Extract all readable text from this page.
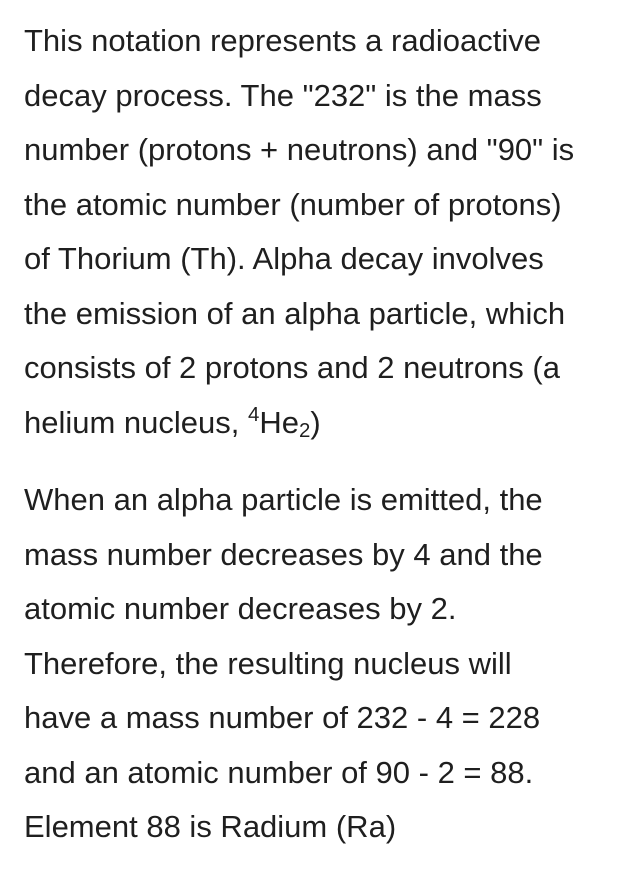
This notation represents a radioactive
decay process. The "232" is the mass
number (protons + neutrons) and "90" is
the atomic number (number of protons)
of Thorium (Th). Alpha decay involves
the emission of an alpha particle, which
consists of 2 protons and 2 neutrons (a
helium nucleus, $^4He_2$)

When an alpha particle is emitted, the
mass number decreases by 4 and the
atomic number decreases by 2.
Therefore, the resulting nucleus will
have a mass number of 232 - 4 = 228
and an atomic number of 90 - 2 = 88.
Element 88 is Radium (Ra)
